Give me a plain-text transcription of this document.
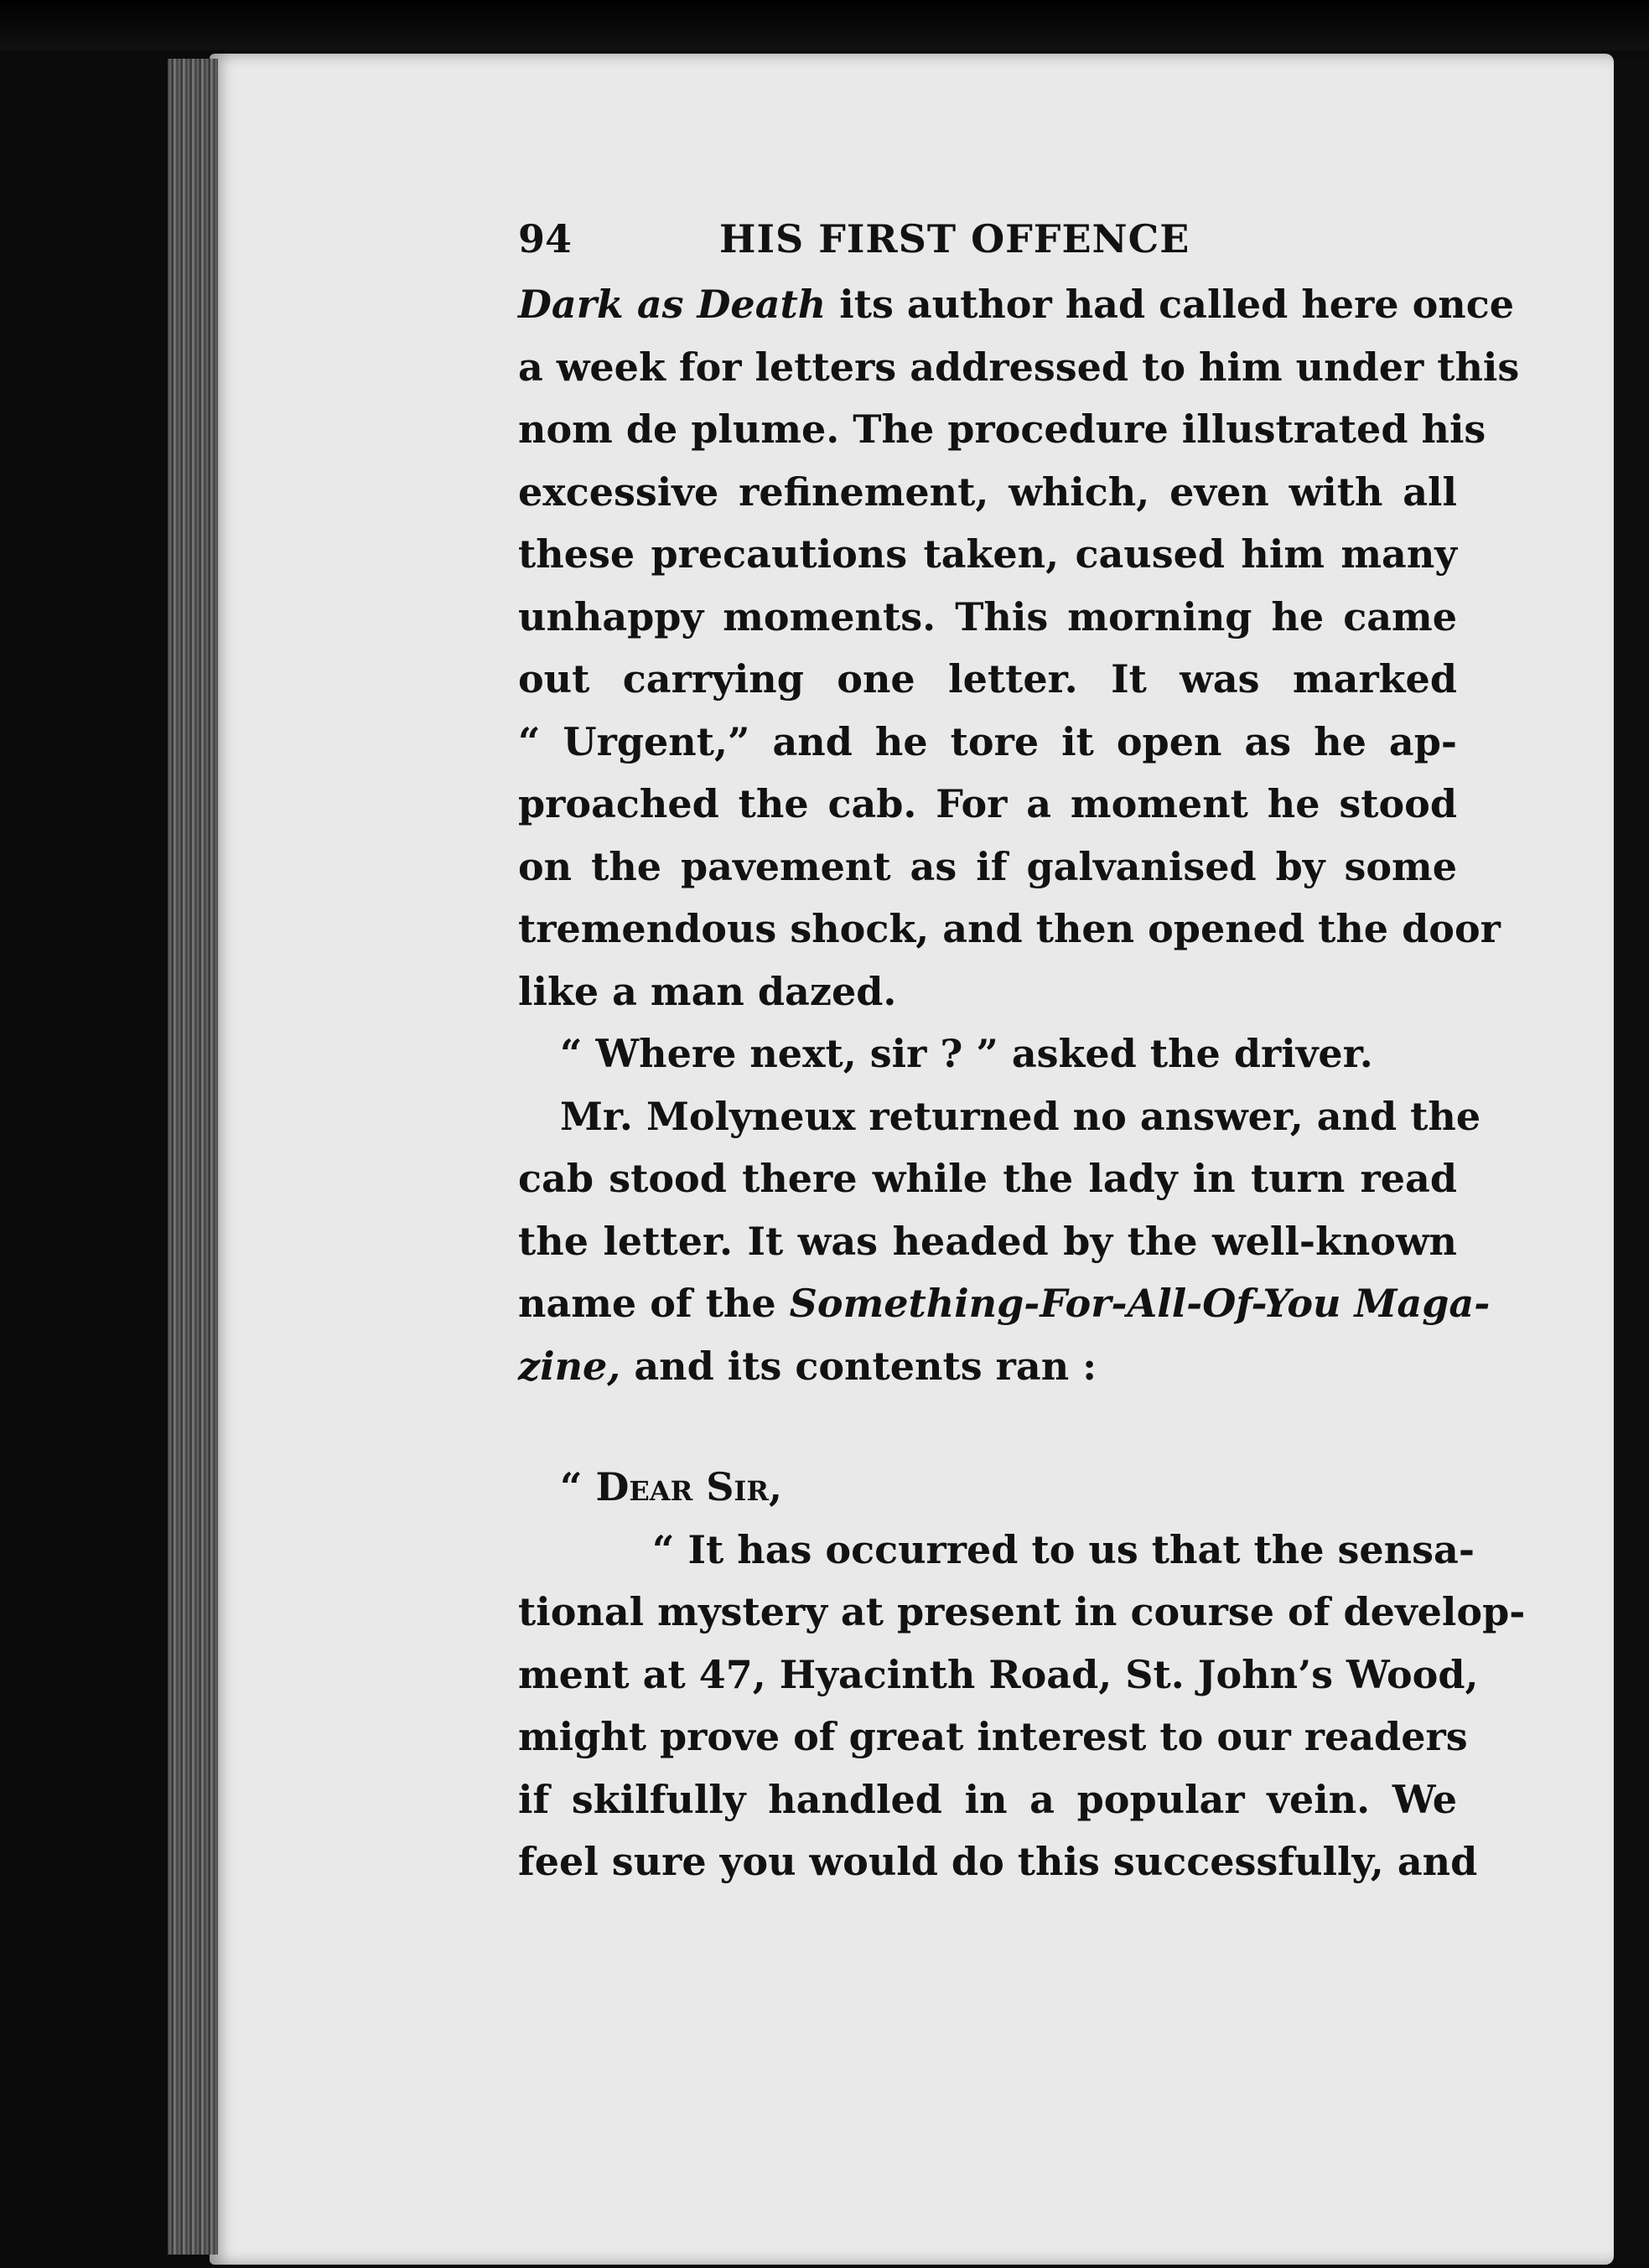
94	HIS FIRST OFFENCE
Dark as Death its author had called here once
a week for letters addressed to him under this
nom de plume. The procedure illustrated his
excessive refinement, which, even with all
these precautions taken, caused him many
unhappy moments. This morning he came
out carrying one letter. It was marked
“ Urgent,” and he tore it open as he ap-
proached the cab. For a moment he stood
on the pavement as if galvanised by some
tremendous shock, and then opened the door
like a man dazed.
“ Where next, sir ? ” asked the driver.
Mr. Molyneux returned no answer, and the
cab stood there while the lady in turn read
the letter. It was headed by the well-known
name of the Something-For-All-Of-You Maga-
zine, and its contents ran :
“ Dear Sir,
“ It has occurred to us that the sensa-
tional mystery at present in course of develop-
ment at 47, Hyacinth Road, St. John’s Wood,
might prove of great interest to our readers
if skilfully handled in a popular vein. We
feel sure you would do this successfully, and
